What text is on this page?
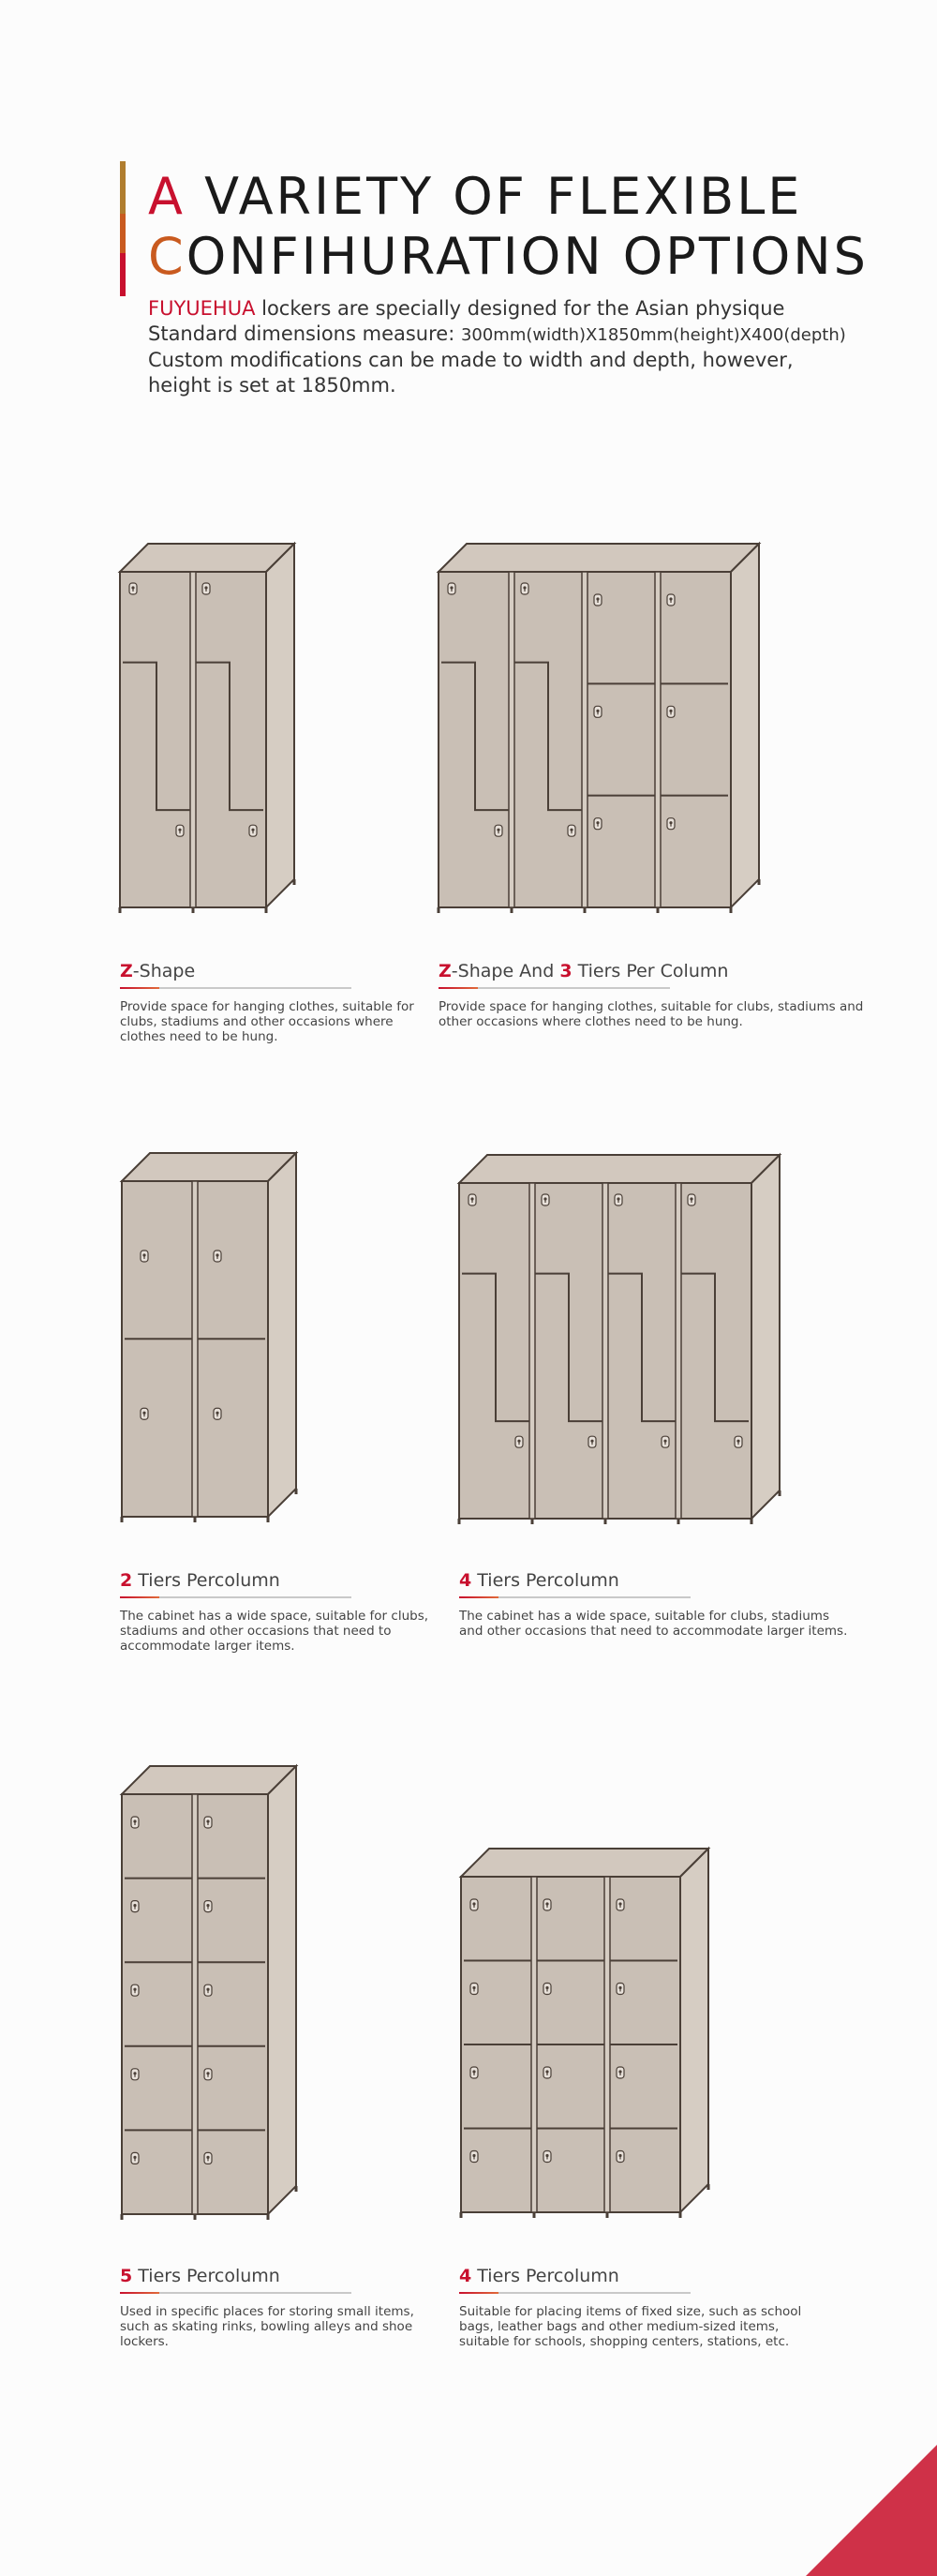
A VARIETY OF FLEXIBLE
CONFIHURATION OPTIONS
FUYUEHUA lockers are specially designed for the Asian physique
Standard dimensions measure: 300mm(width)X1850mm(height)X400(depth)
Custom modifications can be made to width and depth, however,
height is set at 1850mm.
Z-Shape
Provide space for hanging clothes, suitable for clubs, stadiums and other occasions where clothes need to be hung.
Z-Shape And 3 Tiers Per Column
Provide space for hanging clothes, suitable for clubs, stadiums and other occasions where clothes need to be hung.
2 Tiers Percolumn
The cabinet has a wide space, suitable for clubs, stadiums and other occasions that need to accommodate larger items.
4 Tiers Percolumn
The cabinet has a wide space, suitable for clubs, stadiums and other occasions that need to accommodate larger items.
5 Tiers Percolumn
Used in specific places for storing small items, such as skating rinks, bowling alleys and shoe lockers.
4 Tiers Percolumn
Suitable for placing items of fixed size, such as school bags, leather bags and other medium-sized items, suitable for schools, shopping centers, stations, etc.
